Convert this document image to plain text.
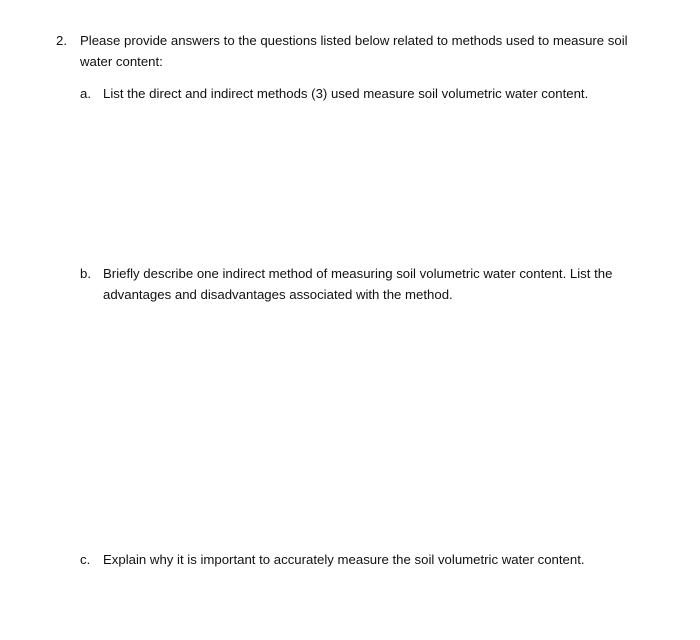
2. Please provide answers to the questions listed below related to methods used to measure soil water content:
a. List the direct and indirect methods (3) used measure soil volumetric water content.
b. Briefly describe one indirect method of measuring soil volumetric water content. List the advantages and disadvantages associated with the method.
c. Explain why it is important to accurately measure the soil volumetric water content.
